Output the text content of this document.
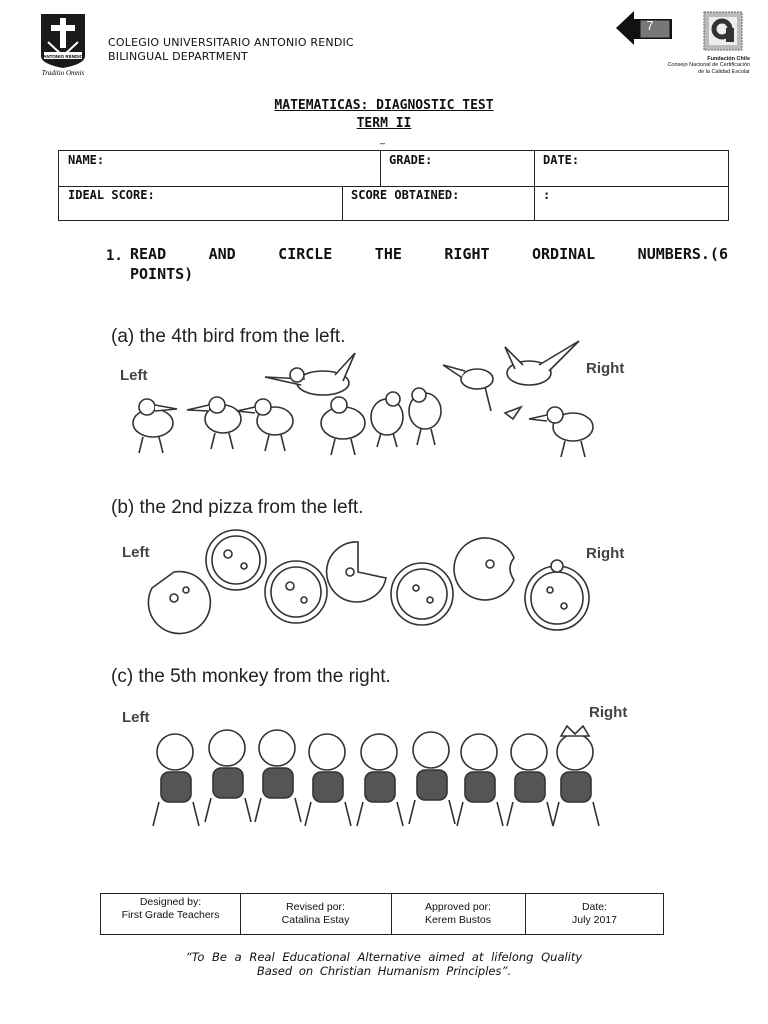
ANTONIO RENDIC
Traditio Omnis
COLEGIO UNIVERSITARIO ANTONIO RENDIC
BILINGUAL DEPARTMENT
7
Fundación Chile
Consejo Nacional de Certificación
de la Calidad Escolar
MATEMATICAS: DIAGNOSTIC TEST
TERM II
_
NAME:	GRADE:	DATE:
IDEAL SCORE:	SCORE OBTAINED:	:
1. READ AND CIRCLE THE RIGHT ORDINAL NUMBERS.(6
POINTS)
(a) the 4th bird from the left.
Left	Right
(b) the 2nd pizza from the left.
Left	Right
(c) the 5th monkey from the right.
Left	Right
Designed by:
First Grade Teachers
Revised por:
Catalina Estay
Approved por:
Kerem Bustos
Date:
July 2017
“To Be a Real Educational Alternative aimed at lifelong Quality
Based on Christian Humanism Principles”.
